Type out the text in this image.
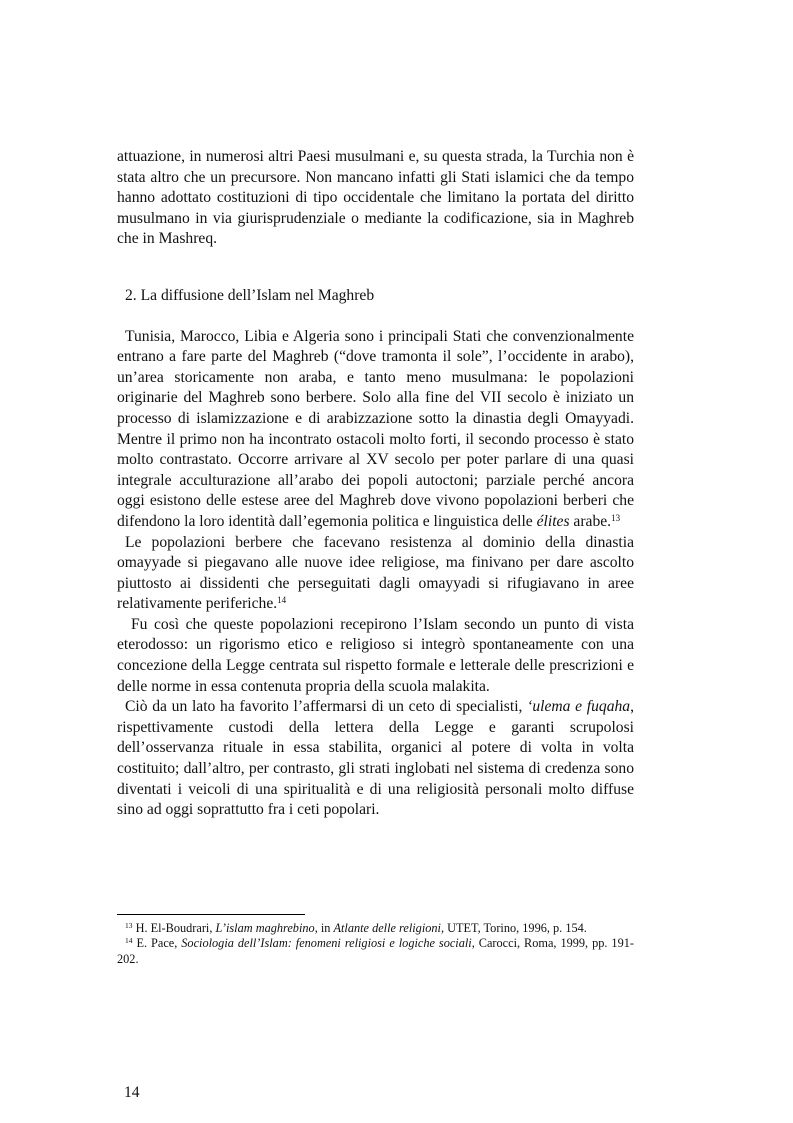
attuazione, in numerosi altri Paesi musulmani e, su questa strada, la Turchia non è stata altro che un precursore. Non mancano infatti gli Stati islamici che da tempo hanno adottato costituzioni di tipo occidentale che limitano la portata del diritto musulmano in via giurisprudenziale o mediante la codificazione, sia in Maghreb che in Mashreq.

2. La diffusione dell’Islam nel Maghreb

Tunisia, Marocco, Libia e Algeria sono i principali Stati che convenzionalmente entrano a fare parte del Maghreb (“dove tramonta il sole”, l’occidente in arabo), un’area storicamente non araba, e tanto meno musulmana: le popolazioni originarie del Maghreb sono berbere. Solo alla fine del VII secolo è iniziato un processo di islamizzazione e di arabizzazione sotto la dinastia degli Omayyadi. Mentre il primo non ha incontrato ostacoli molto forti, il secondo processo è stato molto contrastato. Occorre arrivare al XV secolo per poter parlare di una quasi integrale acculturazione all’arabo dei popoli autoctoni; parziale perché ancora oggi esistono delle estese aree del Maghreb dove vivono popolazioni berberi che difendono la loro identità dall’egemonia politica e linguistica delle élites arabe.$^{13}$

Le popolazioni berbere che facevano resistenza al dominio della dinastia omayyade si piegavano alle nuove idee religiose, ma finivano per dare ascolto piuttosto ai dissidenti che perseguitati dagli omayyadi si rifugiavano in aree relativamente periferiche.$^{14}$

Fu così che queste popolazioni recepirono l’Islam secondo un punto di vista eterodosso: un rigorismo etico e religioso si integrò spontaneamente con una concezione della Legge centrata sul rispetto formale e letterale delle prescrizioni e delle norme in essa contenuta propria della scuola malakita.

Ciò da un lato ha favorito l’affermarsi di un ceto di specialisti, ‘ulema e fuqaha, rispettivamente custodi della lettera della Legge e garanti scrupolosi dell’osservanza rituale in essa stabilita, organici al potere di volta in volta costituito; dall’altro, per contrasto, gli strati inglobati nel sistema di credenza sono diventati i veicoli di una spiritualità e di una religiosità personali molto diffuse sino ad oggi soprattutto fra i ceti popolari.

$^{13}$ H. El-Boudrari, L’islam maghrebino, in Atlante delle religioni, UTET, Torino, 1996, p. 154.

$^{14}$ E. Pace, Sociologia dell’Islam: fenomeni religiosi e logiche sociali, Carocci, Roma, 1999, pp. 191-202.

14
